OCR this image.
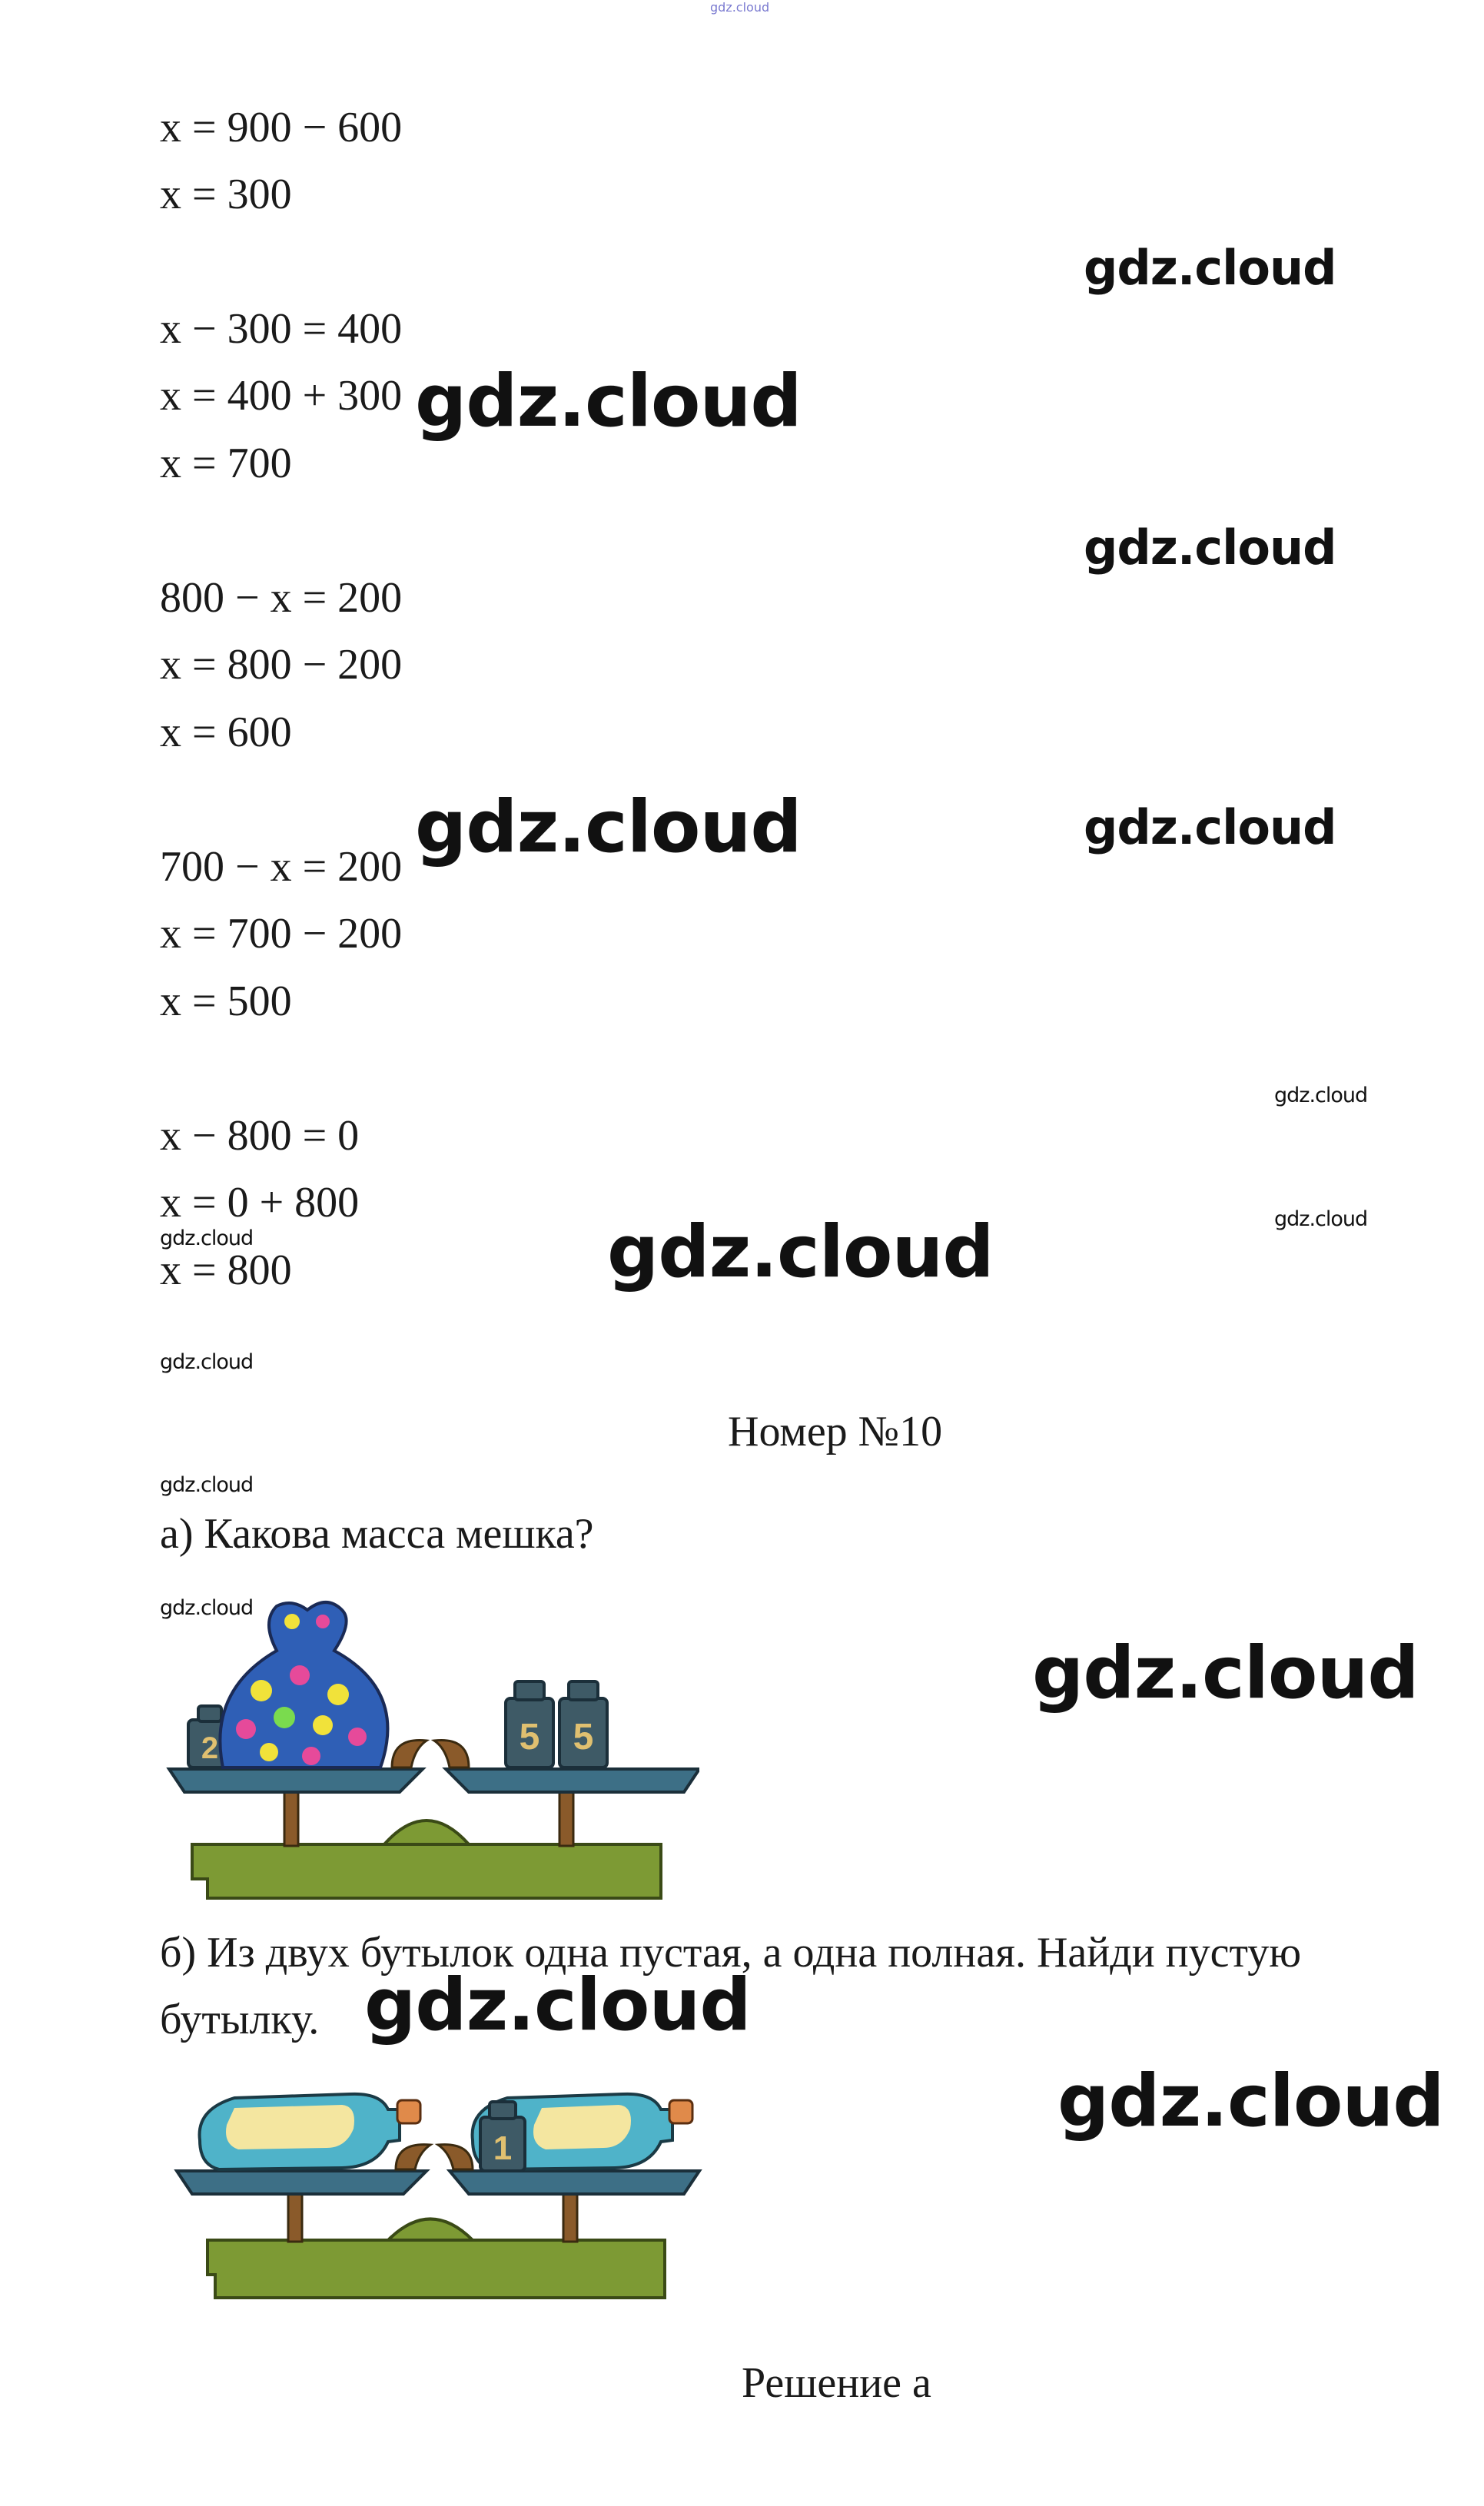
gdz.cloud
x = 900 − 600
x = 300
x − 300 = 400
x = 400 + 300
x = 700
800 − x = 200
x = 800 − 200
x = 600
700 − x = 200
x = 700 − 200
x = 500
x − 800 = 0
x = 0 + 800
x = 800
gdz.cloud
gdz.cloud
gdz.cloud
gdz.cloud	gdz.cloud
gdz.cloud
gdz.cloud
gdz.cloud
gdz.cloud
gdz.cloud
Номер №10
gdz.cloud
а) Какова масса мешка?
gdz.cloud
gdz.cloud
2	5 5
б) Из двух бутылок одна пустая, а одна полная. Найди пустую
бутылку. gdz.cloud
gdz.cloud
1
Решение а
